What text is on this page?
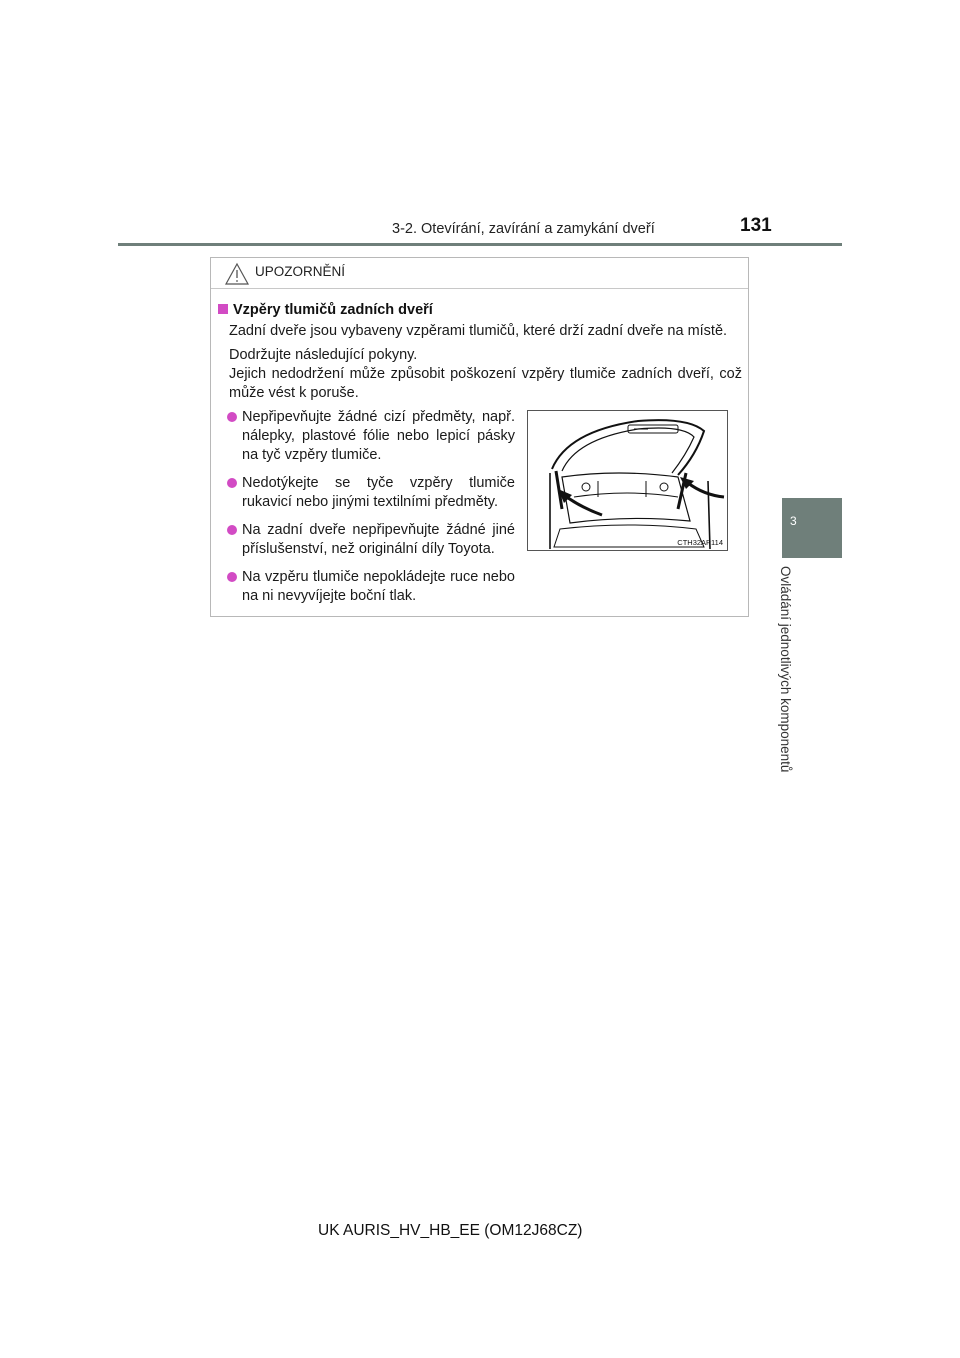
3-2. Otevírání, zavírání a zamykání dveří	131
3
Ovládání jednotlivých komponentů
UPOZORNĚNÍ
Vzpěry tlumičů zadních dveří
Zadní dveře jsou vybaveny vzpěrami tlumičů, které drží zadní dveře na místě.
Dodržujte následující pokyny.
Jejich nedodržení může způsobit poškození vzpěry tlumiče zadních dveří, což může vést k poruše.
Nepřipevňujte žádné cizí předměty, např. nálepky, plastové fólie nebo lepicí pásky na tyč vzpěry tlumiče.
Nedotýkejte se tyče vzpěry tlumiče rukavicí nebo jinými textilními předměty.
Na zadní dveře nepřipevňujte žádné jiné příslušenství, než originální díly Toyota.
Na vzpěru tlumiče nepokládejte ruce nebo na ni nevyvíjejte boční tlak.
CTH32AP114
UK AURIS_HV_HB_EE (OM12J68CZ)
